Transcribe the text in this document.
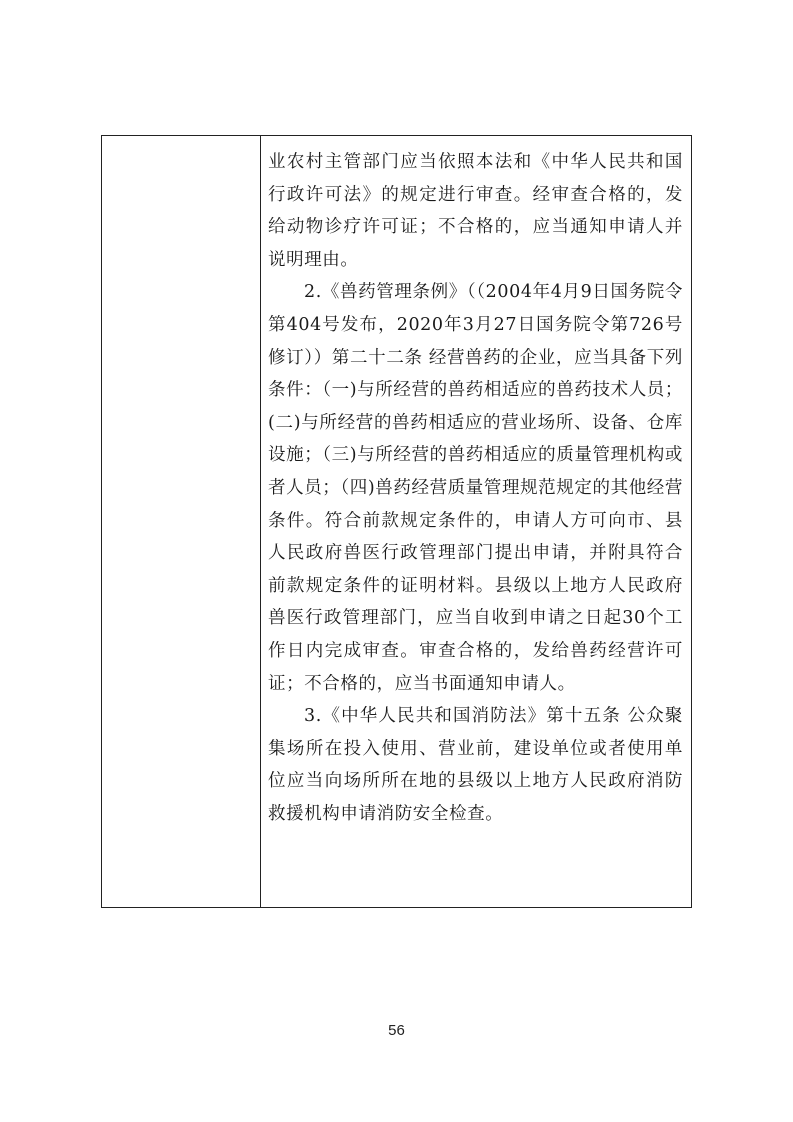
业农村主管部门应当依照本法和《中华人民共和国行政许可法》的规定进行审查。经审查合格的，发给动物诊疗许可证；不合格的，应当通知申请人并说明理由。

2.《兽药管理条例》（（2004年4月9日国务院令第404号发布，2020年3月27日国务院令第726号修订））第二十二条 经营兽药的企业，应当具备下列条件：（一)与所经营的兽药相适应的兽药技术人员；(二)与所经营的兽药相适应的营业场所、设备、仓库设施；（三)与所经营的兽药相适应的质量管理机构或者人员；（四)兽药经营质量管理规范规定的其他经营条件。符合前款规定条件的，申请人方可向市、县人民政府兽医行政管理部门提出申请，并附具符合前款规定条件的证明材料。县级以上地方人民政府兽医行政管理部门，应当自收到申请之日起30个工作日内完成审查。审查合格的，发给兽药经营许可证；不合格的，应当书面通知申请人。

3.《中华人民共和国消防法》第十五条 公众聚集场所在投入使用、营业前，建设单位或者使用单位应当向场所所在地的县级以上地方人民政府消防救援机构申请消防安全检查。

56
